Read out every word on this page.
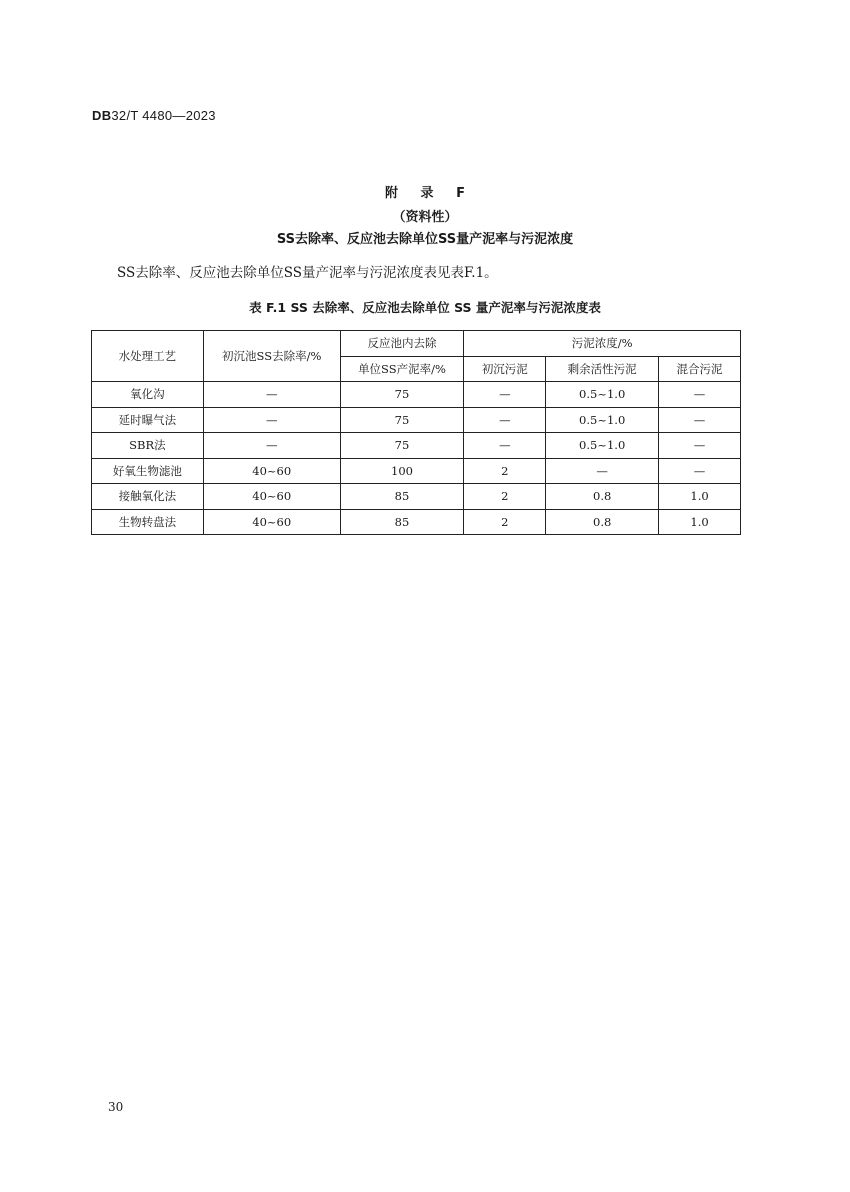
DB32/T 4480—2023
附 录 F
（资料性）
SS去除率、反应池去除单位SS量产泥率与污泥浓度
SS去除率、反应池去除单位SS量产泥率与污泥浓度表见表F.1。
表 F.1 SS 去除率、反应池去除单位 SS 量产泥率与污泥浓度表
水处理工艺	初沉池SS去除率/%	反应池内去除	污泥浓度/%		
		单位SS产泥率/%	初沉污泥	剩余活性污泥	混合污泥
氧化沟	—	75	—	0.5~1.0	—
延时曝气法	—	75	—	0.5~1.0	—
SBR法	—	75	—	0.5~1.0	—
好氧生物滤池	40~60	100	2	—	—
接触氧化法	40~60	85	2	0.8	1.0
生物转盘法	40~60	85	2	0.8	1.0
30
